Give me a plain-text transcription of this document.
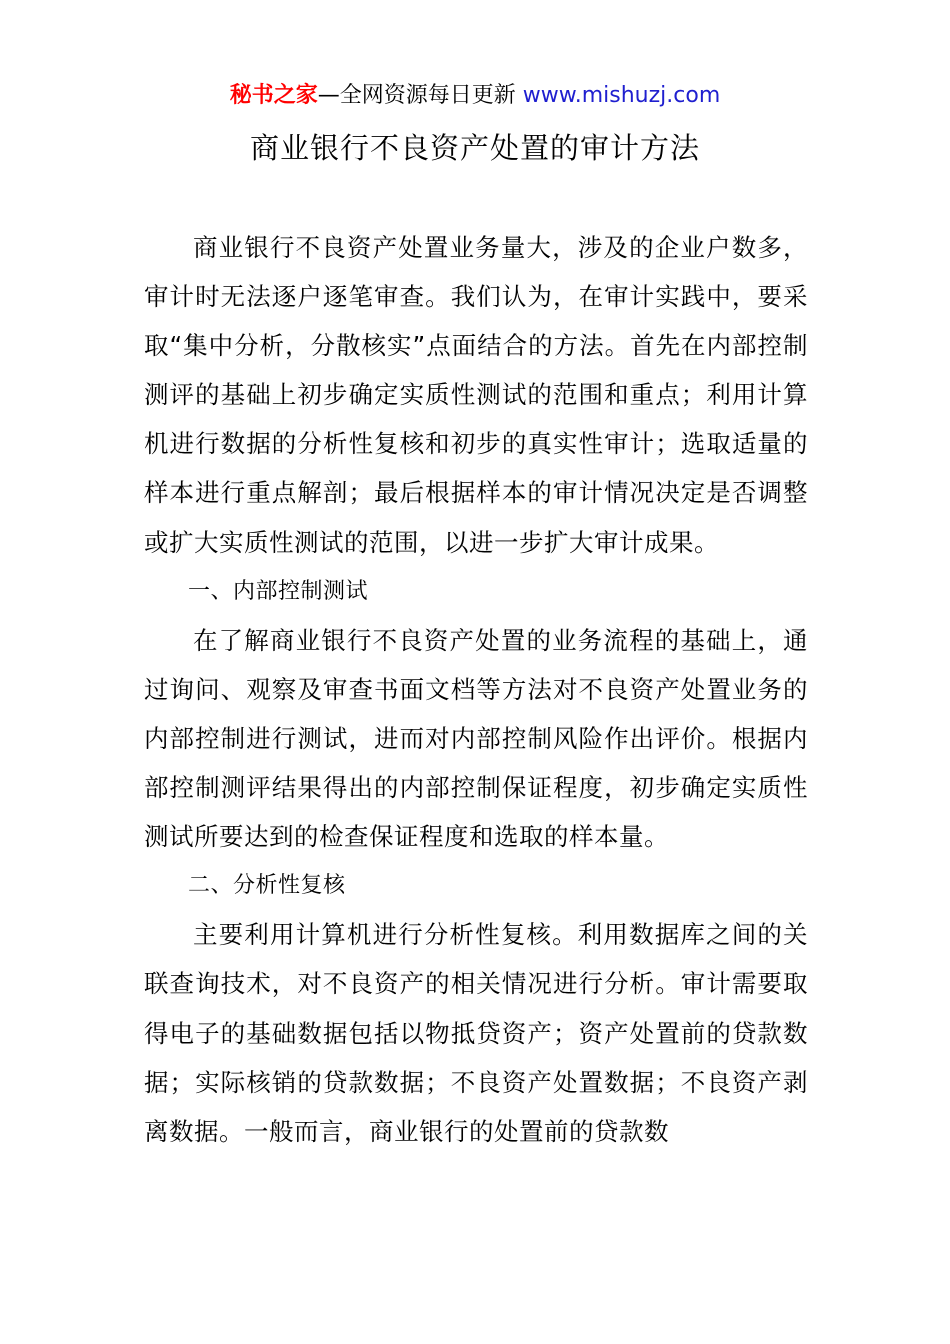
秘书之家—全网资源每日更新 www.mishuzj.com
商业银行不良资产处置的审计方法

商业银行不良资产处置业务量大，涉及的企业户数多，审计时无法逐户逐笔审查。我们认为，在审计实践中，要采取“集中分析，分散核实”点面结合的方法。首先在内部控制测评的基础上初步确定实质性测试的范围和重点；利用计算机进行数据的分析性复核和初步的真实性审计；选取适量的样本进行重点解剖；最后根据样本的审计情况决定是否调整或扩大实质性测试的范围，以进一步扩大审计成果。

一、内部控制测试

在了解商业银行不良资产处置的业务流程的基础上，通过询问、观察及审查书面文档等方法对不良资产处置业务的内部控制进行测试，进而对内部控制风险作出评价。根据内部控制测评结果得出的内部控制保证程度，初步确定实质性测试所要达到的检查保证程度和选取的样本量。

二、分析性复核

主要利用计算机进行分析性复核。利用数据库之间的关联查询技术，对不良资产的相关情况进行分析。审计需要取得电子的基础数据包括以物抵贷资产；资产处置前的贷款数据；实际核销的贷款数据；不良资产处置数据；不良资产剥离数据。一般而言，商业银行的处置前的贷款数
